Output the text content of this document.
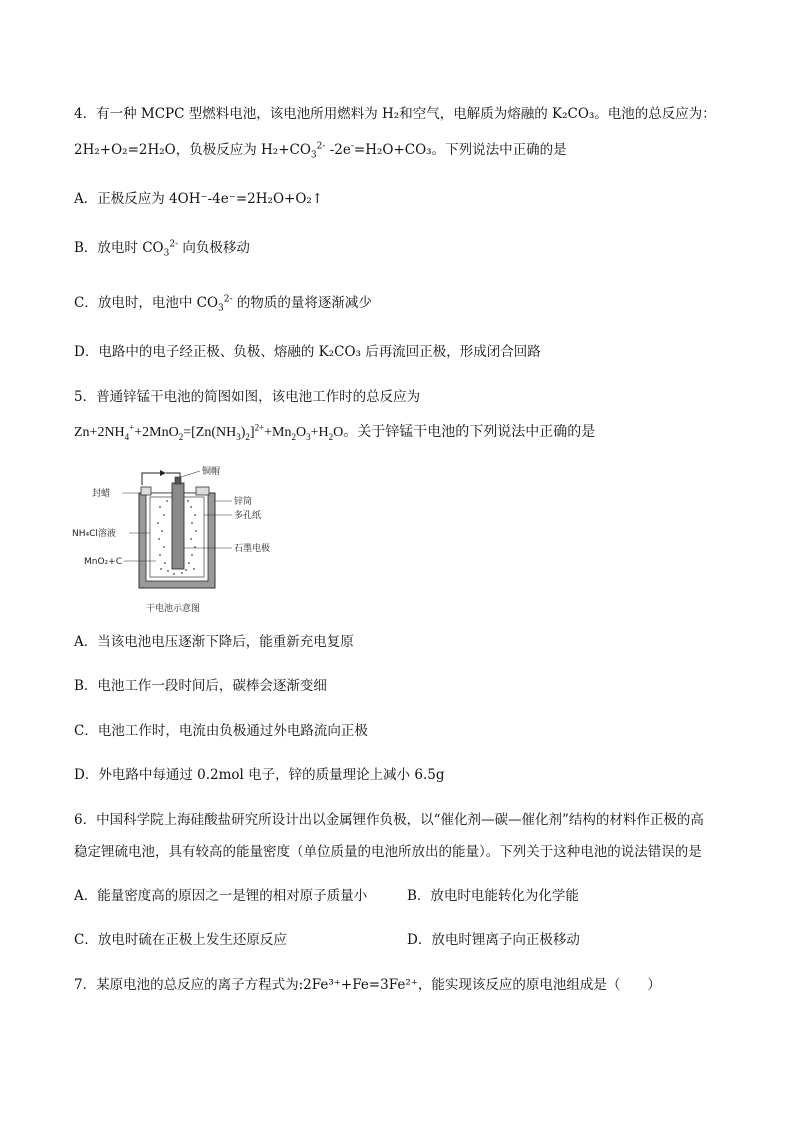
4．有一种 MCPC 型燃料电池，该电池所用燃料为 H₂和空气，电解质为熔融的 K₂CO₃。电池的总反应为：
2H₂+O₂=2H₂O，负极反应为 $H_2+CO_3^{2-}$ -2e-=H₂O+CO₃。下列说法中正确的是
A．正极反应为 4OH⁻-4e⁻=2H₂O+O₂↑
B．放电时 $CO_3^{2-}$ 向负极移动
C．放电时，电池中 $CO_3^{2-}$ 的物质的量将逐渐减少
D．电路中的电子经正极、负极、熔融的 K₂CO₃ 后再流回正极，形成闭合回路
5．普通锌锰干电池的简图如图，该电池工作时的总反应为
$Zn+2NH_4^++2MnO_2=[Zn(NH_3)_2]^{2+}+Mn_2O_3+H_2O$。关于锌锰干电池的下列说法中正确的是
封蜡
铜帽
锌筒
多孔纸
NH₄Cl溶液
石墨电极
MnO₂+C
干电池示意图
A．当该电池电压逐渐下降后，能重新充电复原
B．电池工作一段时间后，碳棒会逐渐变细
C．电池工作时，电流由负极通过外电路流向正极
D．外电路中每通过 0.2mol 电子，锌的质量理论上减小 6.5g
6．中国科学院上海硅酸盐研究所设计出以金属锂作负极，以“催化剂—碳—催化剂”结构的材料作正极的高
稳定锂硫电池，具有较高的能量密度（单位质量的电池所放出的能量）。下列关于这种电池的说法错误的是
A．能量密度高的原因之一是锂的相对原子质量小	B．放电时电能转化为化学能
C．放电时硫在正极上发生还原反应	D．放电时锂离子向正极移动
7．某原电池的总反应的离子方程式为:2Fe³⁺+Fe=3Fe²⁺，能实现该反应的原电池组成是（　　）
